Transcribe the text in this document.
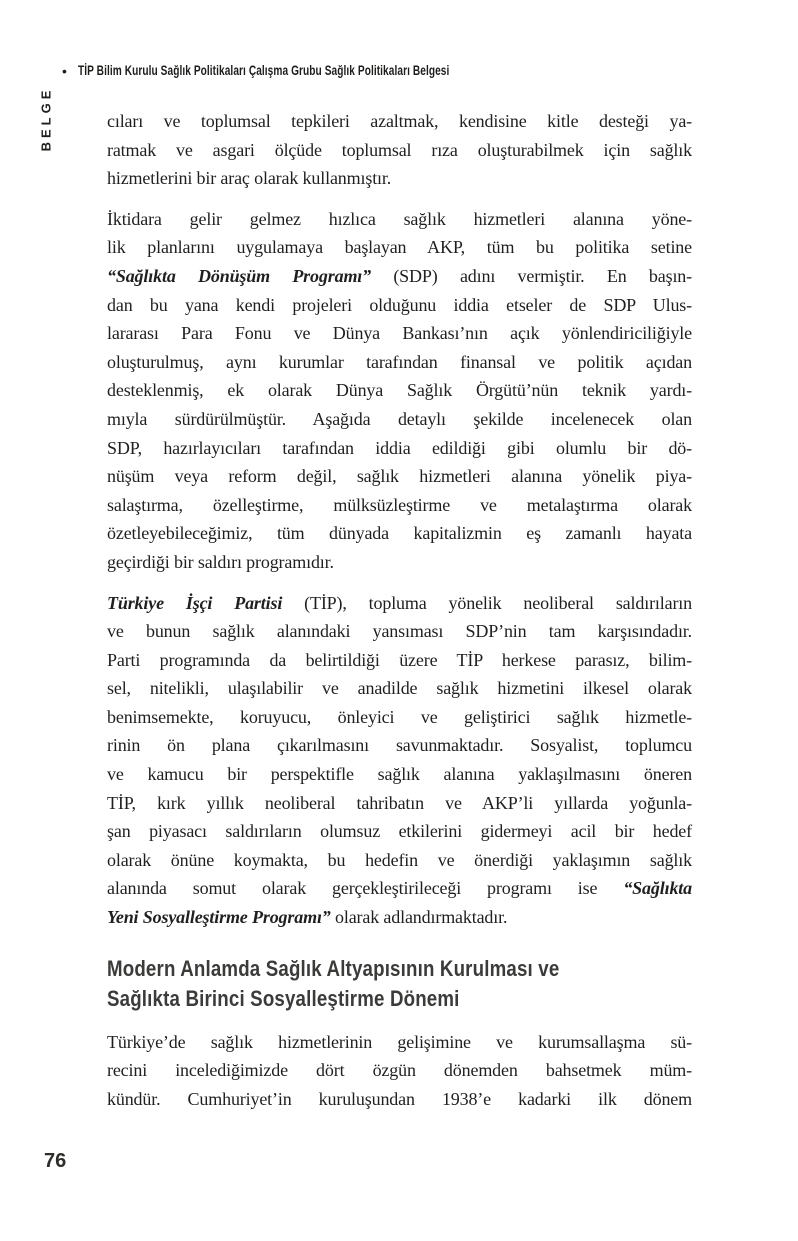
• TİP Bilim Kurulu Sağlık Politikaları Çalışma Grubu Sağlık Politikaları Belgesi
BELGE	cıları ve toplumsal tepkileri azaltmak, kendisine kitle desteği ya-
ratmak ve asgari ölçüde toplumsal rıza oluşturabilmek için sağlık
hizmetlerini bir araç olarak kullanmıştır.
İktidara gelir gelmez hızlıca sağlık hizmetleri alanına yöne-
lik planlarını uygulamaya başlayan AKP, tüm bu politika setine
“Sağlıkta Dönüşüm Programı” (SDP) adını vermiştir. En başın-
dan bu yana kendi projeleri olduğunu iddia etseler de SDP Ulus-
lararası Para Fonu ve Dünya Bankası’nın açık yönlendiriciliğiyle
oluşturulmuş, aynı kurumlar tarafından finansal ve politik açıdan
desteklenmiş, ek olarak Dünya Sağlık Örgütü’nün teknik yardı-
mıyla sürdürülmüştür. Aşağıda detaylı şekilde incelenecek olan
SDP, hazırlayıcıları tarafından iddia edildiği gibi olumlu bir dö-
nüşüm veya reform değil, sağlık hizmetleri alanına yönelik piya-
salaştırma, özelleştirme, mülksüzleştirme ve metalaştırma olarak
özetleyebileceğimiz, tüm dünyada kapitalizmin eş zamanlı hayata
geçirdiği bir saldırı programıdır.
Türkiye İşçi Partisi (TİP), topluma yönelik neoliberal saldırıların
ve bunun sağlık alanındaki yansıması SDP’nin tam karşısındadır.
Parti programında da belirtildiği üzere TİP herkese parasız, bilim-
sel, nitelikli, ulaşılabilir ve anadilde sağlık hizmetini ilkesel olarak
benimsemekte, koruyucu, önleyici ve geliştirici sağlık hizmetle-
rinin ön plana çıkarılmasını savunmaktadır. Sosyalist, toplumcu
ve kamucu bir perspektifle sağlık alanına yaklaşılmasını öneren
TİP, kırk yıllık neoliberal tahribatın ve AKP’li yıllarda yoğunla-
şan piyasacı saldırıların olumsuz etkilerini gidermeyi acil bir hedef
olarak önüne koymakta, bu hedefin ve önerdiği yaklaşımın sağlık
alanında somut olarak gerçekleştirileceği programı ise “Sağlıkta
Yeni Sosyalleştirme Programı” olarak adlandırmaktadır.
Modern Anlamda Sağlık Altyapısının Kurulması ve
Sağlıkta Birinci Sosyalleştirme Dönemi
Türkiye’de sağlık hizmetlerinin gelişimine ve kurumsallaşma sü-
recini incelediğimizde dört özgün dönemden bahsetmek müm-
kündür. Cumhuriyet’in kuruluşundan 1938’e kadarki ilk dönem
76
